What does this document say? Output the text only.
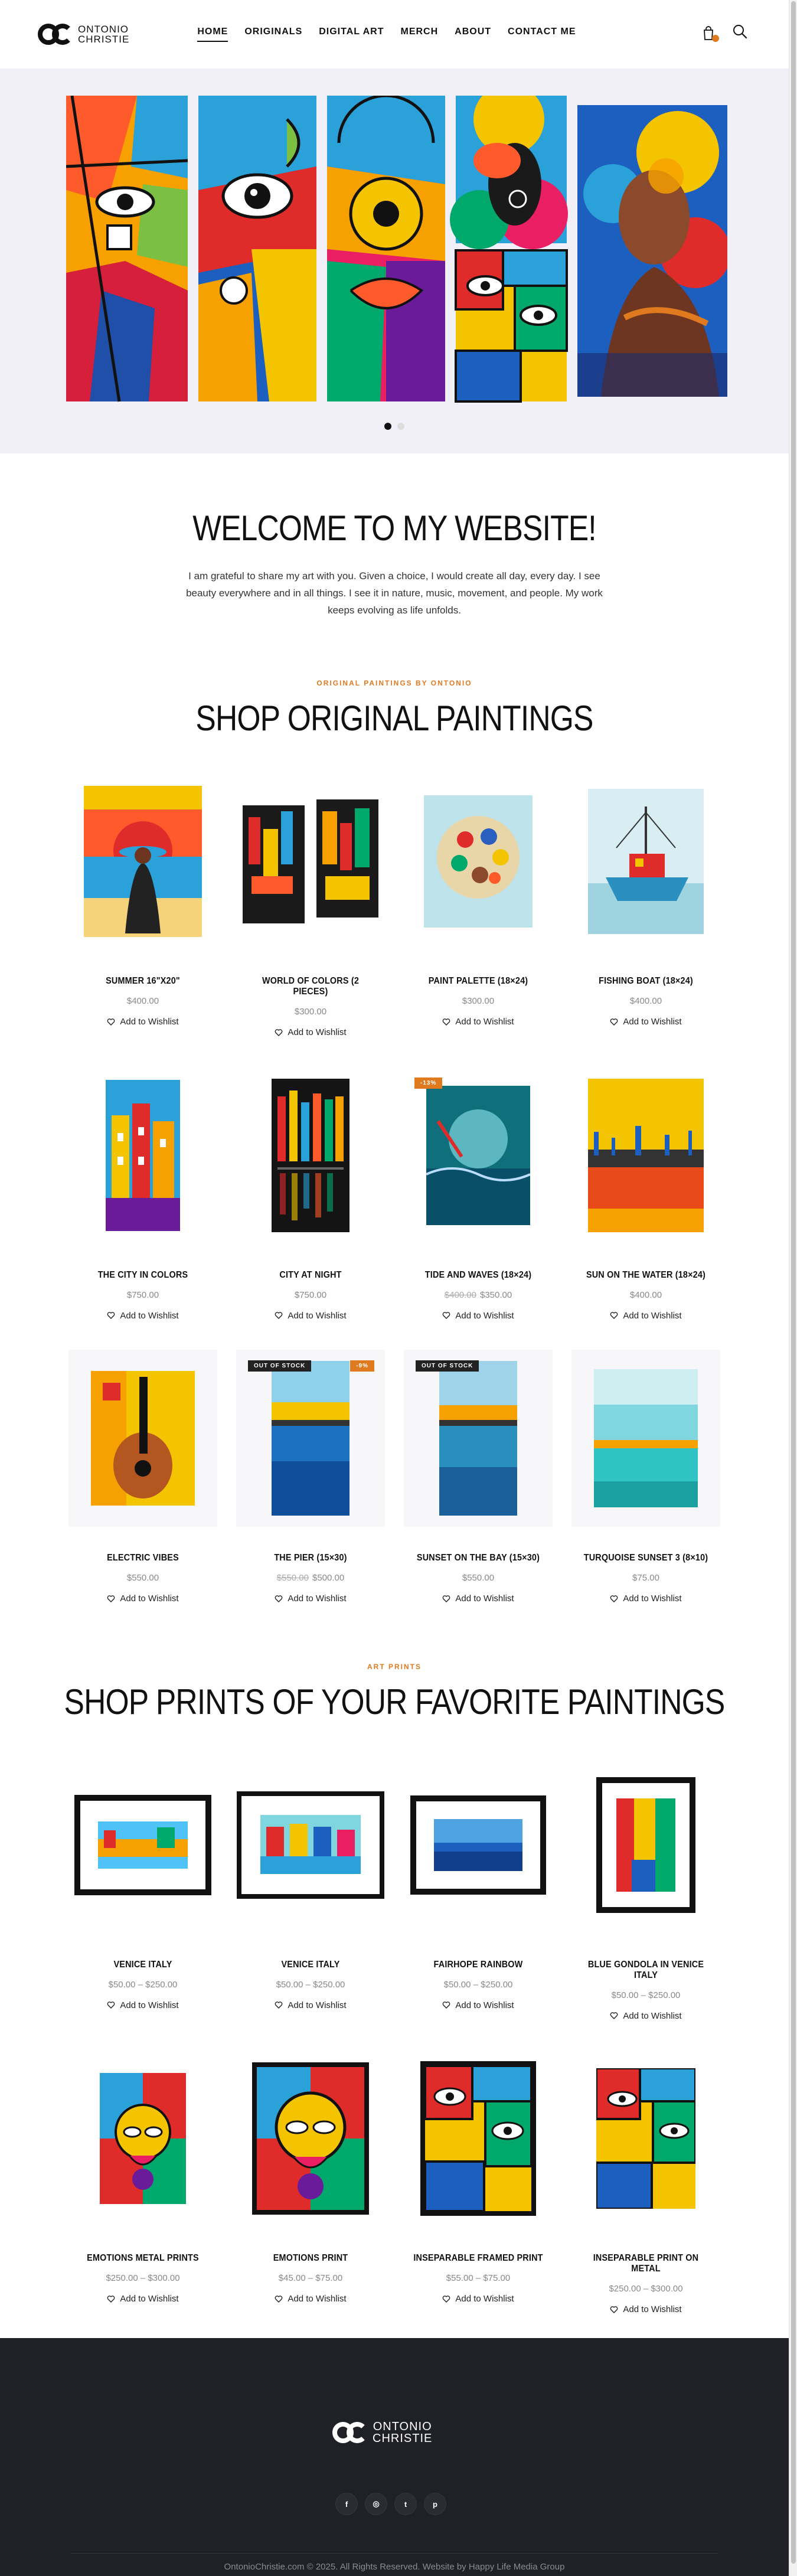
ONTONIO
CHRISTIE
HOME ORIGINALS DIGITAL ART MERCH ABOUT CONTACT ME
WELCOME TO MY WEBSITE!

I am grateful to share my art with you. Given a choice, I would create all day, every day. I see beauty everywhere and in all things. I see it in nature, music, movement, and people. My work keeps evolving as life unfolds.

ORIGINAL PAINTINGS BY ONTONIO
SHOP ORIGINAL PAINTINGS
SUMMER 16"X20"
$400.00
Add to Wishlist
WORLD OF COLORS (2 PIECES)
$300.00
Add to Wishlist
PAINT PALETTE (18×24)
$300.00
Add to Wishlist
FISHING BOAT (18×24)
$400.00
Add to Wishlist
THE CITY IN COLORS
$750.00
Add to Wishlist
CITY AT NIGHT
$750.00
Add to Wishlist
-13%
TIDE AND WAVES (18×24)
$400.00 $350.00
Add to Wishlist
SUN ON THE WATER (18×24)
$400.00
Add to Wishlist
ELECTRIC VIBES
$550.00
Add to Wishlist
OUT OF STOCK	-9%
THE PIER (15×30)
$550.00 $500.00
Add to Wishlist
OUT OF STOCK
SUNSET ON THE BAY (15×30)
$550.00
Add to Wishlist
TURQUOISE SUNSET 3 (8×10)
$75.00
Add to Wishlist
ART PRINTS
SHOP PRINTS OF YOUR FAVORITE PAINTINGS
VENICE ITALY
$50.00 – $250.00
Add to Wishlist
VENICE ITALY
$50.00 – $250.00
Add to Wishlist
FAIRHOPE RAINBOW
$50.00 – $250.00
Add to Wishlist
BLUE GONDOLA IN VENICE ITALY
$50.00 – $250.00
Add to Wishlist
EMOTIONS METAL PRINTS
$250.00 – $300.00
Add to Wishlist
EMOTIONS PRINT
$45.00 – $75.00
Add to Wishlist
INSEPARABLE FRAMED PRINT
$55.00 – $75.00
Add to Wishlist
INSEPARABLE PRINT ON METAL
$250.00 – $300.00
Add to Wishlist
ONTONIO
CHRISTIE
f	◎	t	p
OntonioChristie.com © 2025. All Rights Reserved. Website by Happy Life Media Group
